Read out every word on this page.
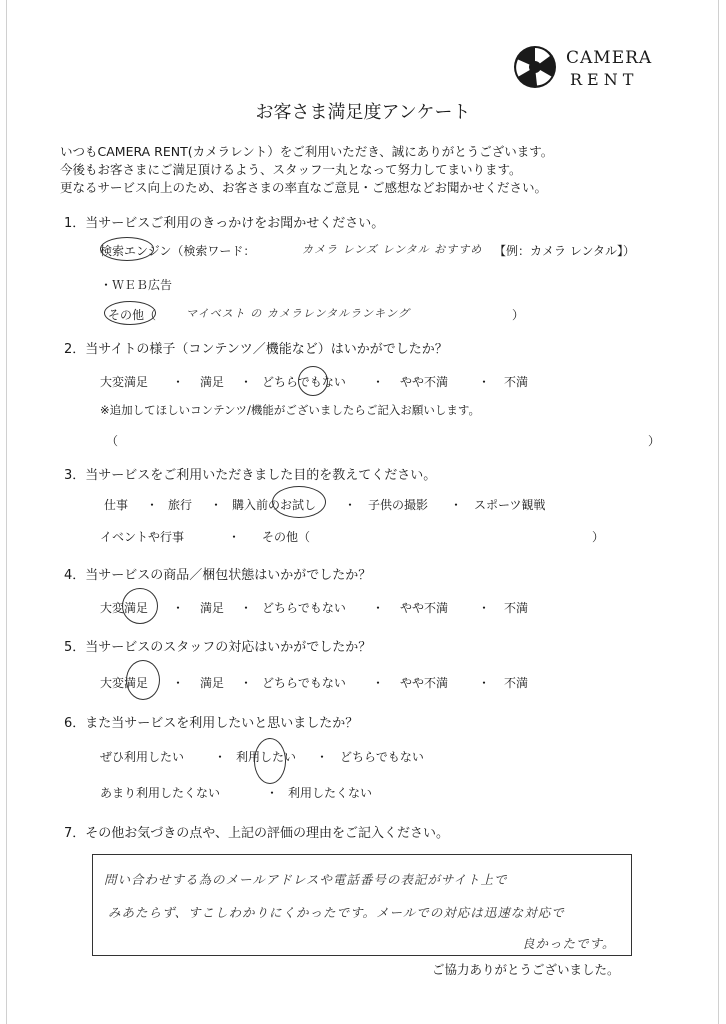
CAMERA
RENT
お客さま満足度アンケート
いつもCAMERA RENT(カメラレント）をご利用いただき、誠にありがとうございます。
今後もお客さまにご満足頂けるよう、スタッフ一丸となって努力してまいります。
更なるサービス向上のため、お客さまの率直なご意見・ご感想などお聞かせください。
1．当サービスご利用のきっかけをお聞かせください。
検索エンジン（検索ワード：	カメラ レンズ レンタル おすすめ 【例：カメラ レンタル】）
・ＷＥＢ広告
その他（	マイベスト の カメラレンタルランキング	）
2．当サイトの様子（コンテンツ／機能など）はいかがでしたか？
大変満足 ・ 満足 ・ どちらでもない ・ やや不満 ・ 不満
※追加してほしいコンテンツ/機能がございましたらご記入お願いします。
（	）
3．当サービスをご利用いただきました目的を教えてください。
仕事 ・ 旅行 ・ 購入前のお試し ・ 子供の撮影 ・ スポーツ観戦
イベントや行事	・ その他（	）
4．当サービスの商品／梱包状態はいかがでしたか？
大変満足 ・ 満足 ・ どちらでもない ・ やや不満 ・ 不満
5．当サービスのスタッフの対応はいかがでしたか？
大変満足 ・ 満足 ・ どちらでもない ・ やや不満 ・ 不満
6．また当サービスを利用したいと思いましたか？
ぜひ利用したい ・ 利用したい ・ どちらでもない
あまり利用したくない	・ 利用したくない
7．その他お気づきの点や、上記の評価の理由をご記入ください。
問い合わせする為のメールアドレスや電話番号の表記がサイト上で
みあたらず、すこしわかりにくかったです。メールでの対応は迅速な対応で
良かったです。
ご協力ありがとうございました。
